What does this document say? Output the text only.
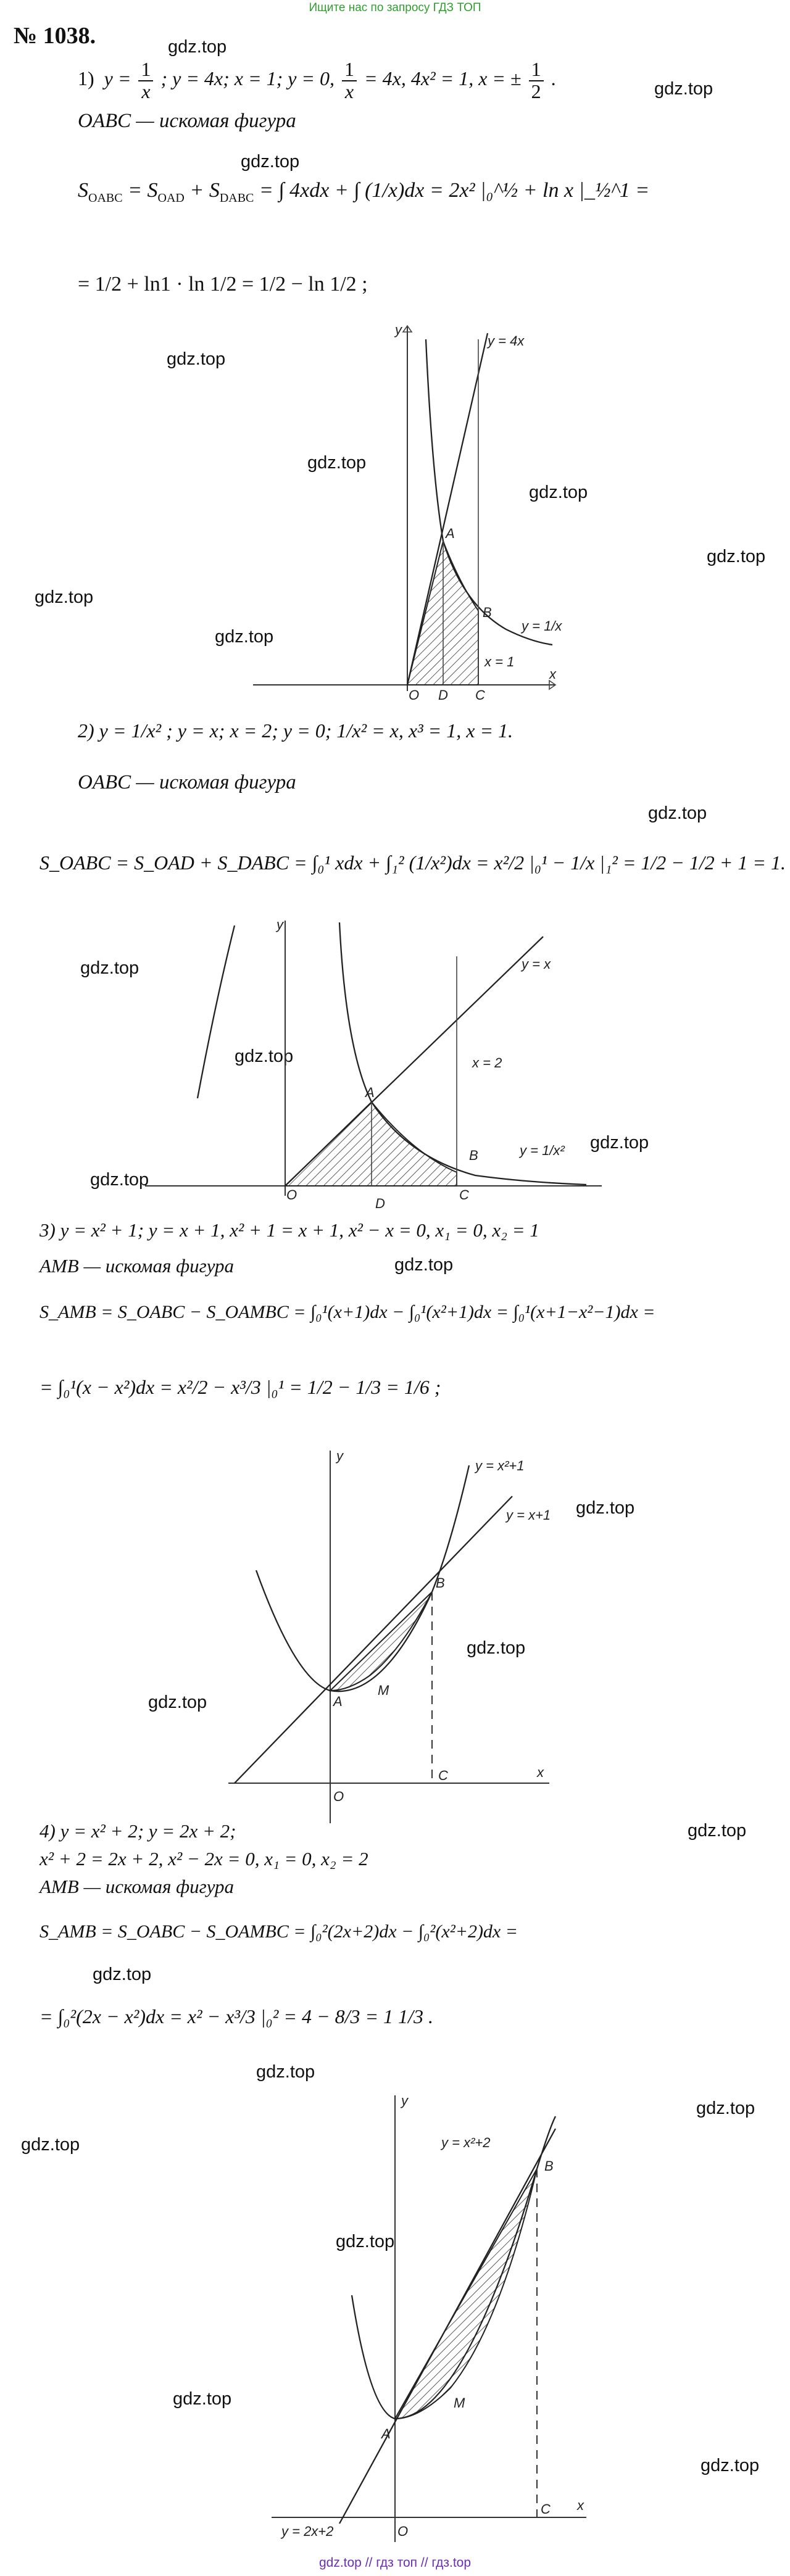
Ищите нас по запросу ГДЗ ТОП
№ 1038.	gdz.top
gdz.top
gdz.top
gdz.top
gdz.top
gdz.top
gdz.top
gdz.top
gdz.top
gdz.top
gdz.top
gdz.top
gdz.top
gdz.top
gdz.top
gdz.top
gdz.top
gdz.top
gdz.top
gdz.top
gdz.top
gdz.top
gdz.top
gdz.top
gdz.top
gdz.top
1) $y = \frac{1}{x}$ ; y = 4x; x = 1; y = 0, $\frac{1}{x} = 4x$, 4x² = 1, x = ± $\frac{1}{2}$ .
OABC — искомая фигура
$S_{OABC} = S_{OAD} + S_{DABC}$ = ∫ 4xdx + ∫ (1/x)dx = 2x² |₀^½ + ln x |_½^1 =
= 1/2 + ln1 · ln 1/2 = 1/2 − ln 1/2 ;
y = 4x
y = 1/x
x = 1
A
B
O D C
x
y
2) y = 1/x² ; y = x; x = 2; y = 0; 1/x² = x, x³ = 1, x = 1.
OABC — искомая фигура
S_OABC = S_OAD + S_DABC = ∫₀¹ xdx + ∫₁² (1/x²)dx = x²/2 |₀¹ − 1/x |₁² = 1/2 − 1/2 + 1 = 1.
y = x
y = 1/x²
x = 2
A
B
O
D
C
y
3) y = x² + 1; y = x + 1, x² + 1 = x + 1, x² − x = 0, x₁ = 0, x₂ = 1
AMB — искомая фигура
S_AMB = S_OABC − S_OAMBC = ∫₀¹(x+1)dx − ∫₀¹(x²+1)dx = ∫₀¹(x+1−x²−1)dx =
= ∫₀¹(x − x²)dx = x²/2 − x³/3 |₀¹ = 1/2 − 1/3 = 1/6 ;
y = x²+1
y = x+1
B
M
A
O
C	x
y
4) y = x² + 2; y = 2x + 2;
x² + 2 = 2x + 2, x² − 2x = 0, x₁ = 0, x₂ = 2
AMB — искомая фигура
S_AMB = S_OABC − S_OAMBC = ∫₀²(2x+2)dx − ∫₀²(x²+2)dx =
= ∫₀²(2x − x²)dx = x² − x³/3 |₀² = 4 − 8/3 = 1 1/3 .
y = x²+2
y = 2x+2
B
M
A
O
C x
y
gdz.top // гдз топ // гдз.top
